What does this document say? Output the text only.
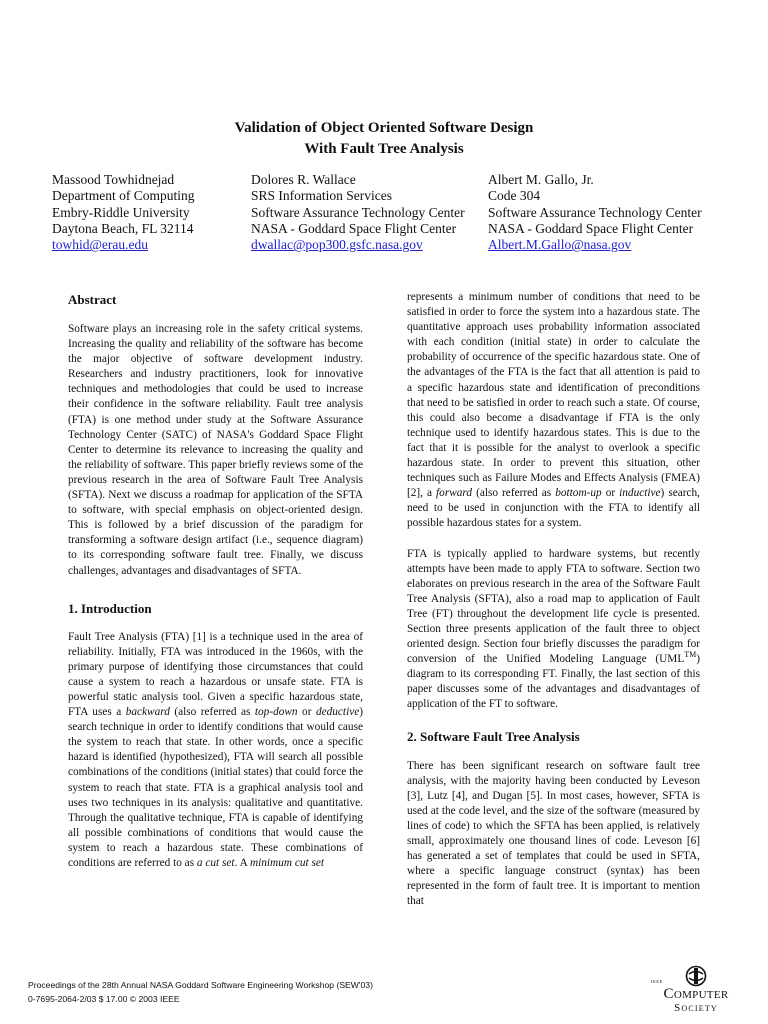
Validation of Object Oriented Software Design
With Fault Tree Analysis
Massood Towhidnejad
Department of Computing
Embry-Riddle University
Daytona Beach, FL 32114
towhid@erau.edu
Dolores R. Wallace
SRS Information Services
Software Assurance Technology Center
NASA - Goddard Space Flight Center
dwallac@pop300.gsfc.nasa.gov
Albert M. Gallo, Jr.
Code 304
Software Assurance Technology Center
NASA - Goddard Space Flight Center
Albert.M.Gallo@nasa.gov
Abstract

Software plays an increasing role in the safety critical systems. Increasing the quality and reliability of the software has become the major objective of software development industry. Researchers and industry practitioners, look for innovative techniques and methodologies that could be used to increase their confidence in the software reliability. Fault tree analysis (FTA) is one method under study at the Software Assurance Technology Center (SATC) of NASA's Goddard Space Flight Center to determine its relevance to increasing the quality and the reliability of software. This paper briefly reviews some of the previous research in the area of Software Fault Tree Analysis (SFTA). Next we discuss a roadmap for application of the SFTA to software, with special emphasis on object-oriented design. This is followed by a brief discussion of the paradigm for transforming a software design artifact (i.e., sequence diagram) to its corresponding software fault tree. Finally, we discuss challenges, advantages and disadvantages of SFTA.

1. Introduction

Fault Tree Analysis (FTA) [1] is a technique used in the area of reliability. Initially, FTA was introduced in the 1960s, with the primary purpose of identifying those circumstances that could cause a system to reach a hazardous or unsafe state. FTA is powerful static analysis tool. Given a specific hazardous state, FTA uses a backward (also referred as top-down or deductive) search technique in order to identify conditions that would cause the system to reach that state. In other words, once a specific hazard is identified (hypothesized), FTA will search all possible combinations of the conditions (initial states) that could force the system to reach that state. FTA is a graphical analysis tool and uses two techniques in its analysis: qualitative and quantitative. Through the qualitative technique, FTA is capable of identifying all possible combinations of conditions that would cause the system to reach a hazardous state. These combinations of conditions are referred to as a cut set. A minimum cut set

represents a minimum number of conditions that need to be satisfied in order to force the system into a hazardous state. The quantitative approach uses probability information associated with each condition (initial state) in order to calculate the probability of occurrence of the specific hazardous state. One of the advantages of the FTA is the fact that all attention is paid to a specific hazardous state and identification of preconditions that need to be satisfied in order to reach such a state. Of course, this could also become a disadvantage if FTA is the only technique used to identify hazardous states. This is due to the fact that it is possible for the analyst to overlook a specific hazardous state. In order to prevent this situation, other techniques such as Failure Modes and Effects Analysis (FMEA) [2], a forward (also referred as bottom-up or inductive) search, need to be used in conjunction with the FTA to identify all possible hazardous states for a system.

FTA is typically applied to hardware systems, but recently attempts have been made to apply FTA to software. Section two elaborates on previous research in the area of the Software Fault Tree Analysis (SFTA), also a road map to application of Fault Tree (FT) throughout the development life cycle is presented. Section three presents application of the fault three to object oriented design. Section four briefly discusses the paradigm for conversion of the Unified Modeling Language (UML™) diagram to its corresponding FT. Finally, the last section of this paper discusses some of the advantages and disadvantages of application of the FT to software.

2. Software Fault Tree Analysis

There has been significant research on software fault tree analysis, with the majority having been conducted by Leveson [3], Lutz [4], and Dugan [5]. In most cases, however, SFTA is used at the code level, and the size of the software (measured by lines of code) to which the SFTA has been applied, is relatively small, approximately one thousand lines of code. Leveson [6] has generated a set of templates that could be used in SFTA, where a specific language construct (syntax) has been represented in the form of fault tree. It is important to mention that

Proceedings of the 28th Annual NASA Goddard Software Engineering Workshop (SEW'03)
0-7695-2064-2/03 $ 17.00 © 2003 IEEE
IEEE
Computer
Society
